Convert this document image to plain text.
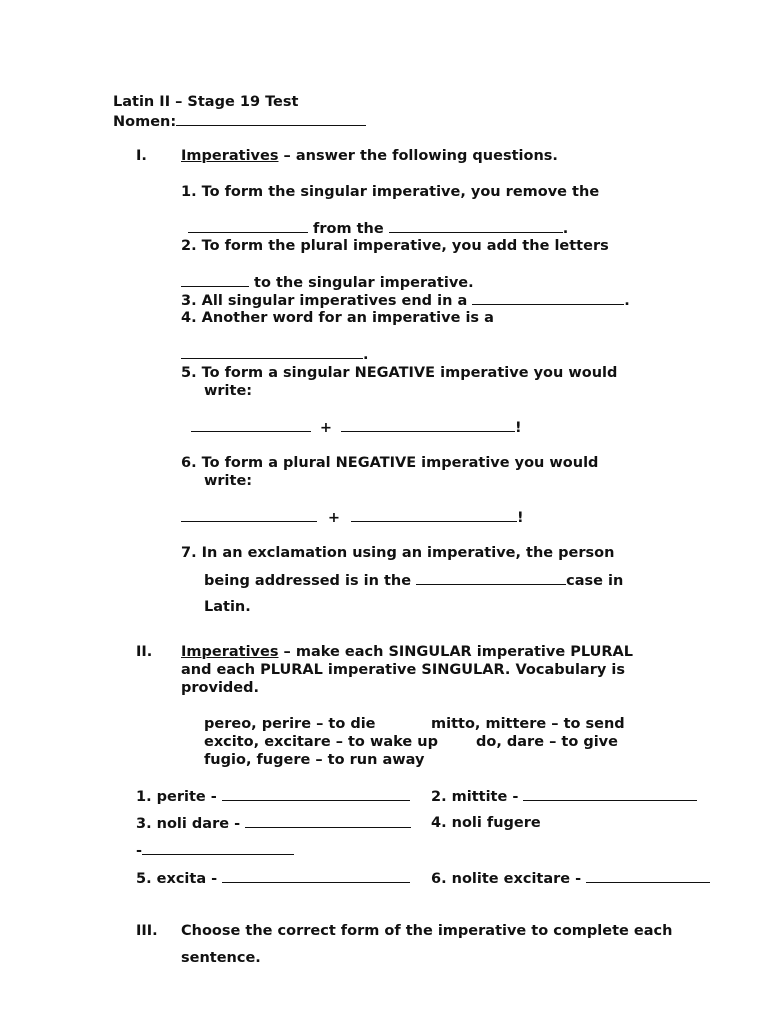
Latin II – Stage 19 Test
Nomen:
I. Imperatives – answer the following questions.
1. To form the singular imperative, you remove the
from the	.
2. To form the plural imperative, you add the letters
to the singular imperative.
3. All singular imperatives end in a	.
4. Another word for an imperative is a
.
5. To form a singular NEGATIVE imperative you would
write:
+	!
6. To form a plural NEGATIVE imperative you would
write:
+	!
7. In an exclamation using an imperative, the person
being addressed is in the	case in
Latin.
II. Imperatives – make each SINGULAR imperative PLURAL
and each PLURAL imperative SINGULAR. Vocabulary is
provided.
pereo, perire – to die	mitto, mittere – to send
excito, excitare – to wake up	do, dare – to give
fugio, fugere – to run away
1. perite -	2. mittite -
3. noli dare -	4. noli fugere
-
5. excita -	6. nolite excitare -
III. Choose the correct form of the imperative to complete each
sentence.
